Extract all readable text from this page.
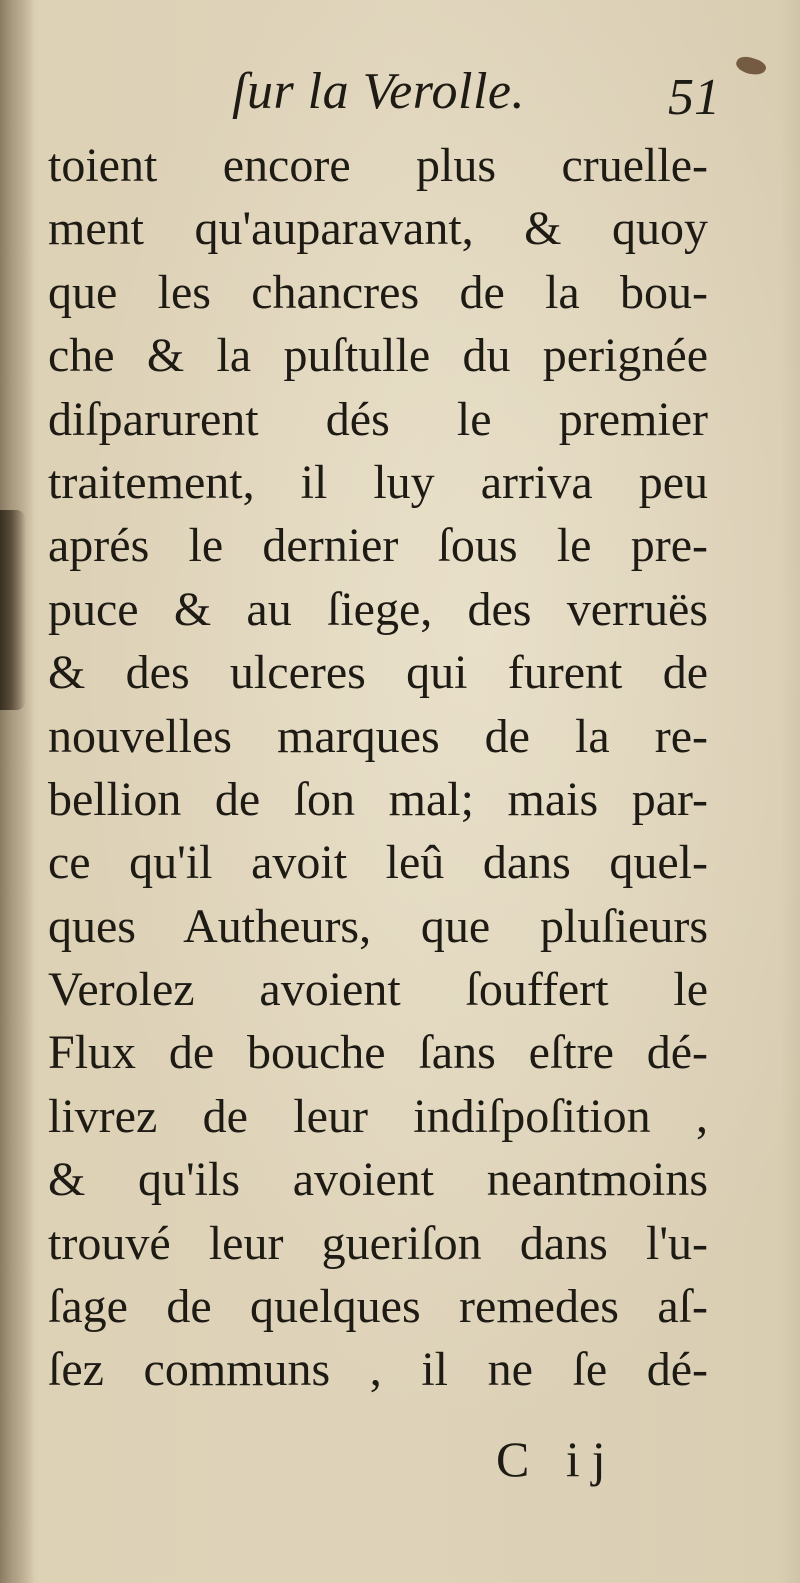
ſur la Verolle.	51
toient encore plus cruelle-
ment qu'auparavant, & quoy
que les chancres de la bou-
che & la puſtulle du perignée
diſparurent dés le premier
traitement, il luy arriva peu
aprés le dernier ſous le pre-
puce & au ſiege, des verruës
& des ulceres qui furent de
nouvelles marques de la re-
bellion de ſon mal; mais par-
ce qu'il avoit leû dans quel-
ques Autheurs, que pluſieurs
Verolez avoient ſouffert le
Flux de bouche ſans eſtre dé-
livrez de leur indiſpoſition ,
& qu'ils avoient neantmoins
trouvé leur gueriſon dans l'u-
ſage de quelques remedes aſ-
ſez communs , il ne ſe dé-
C ij
